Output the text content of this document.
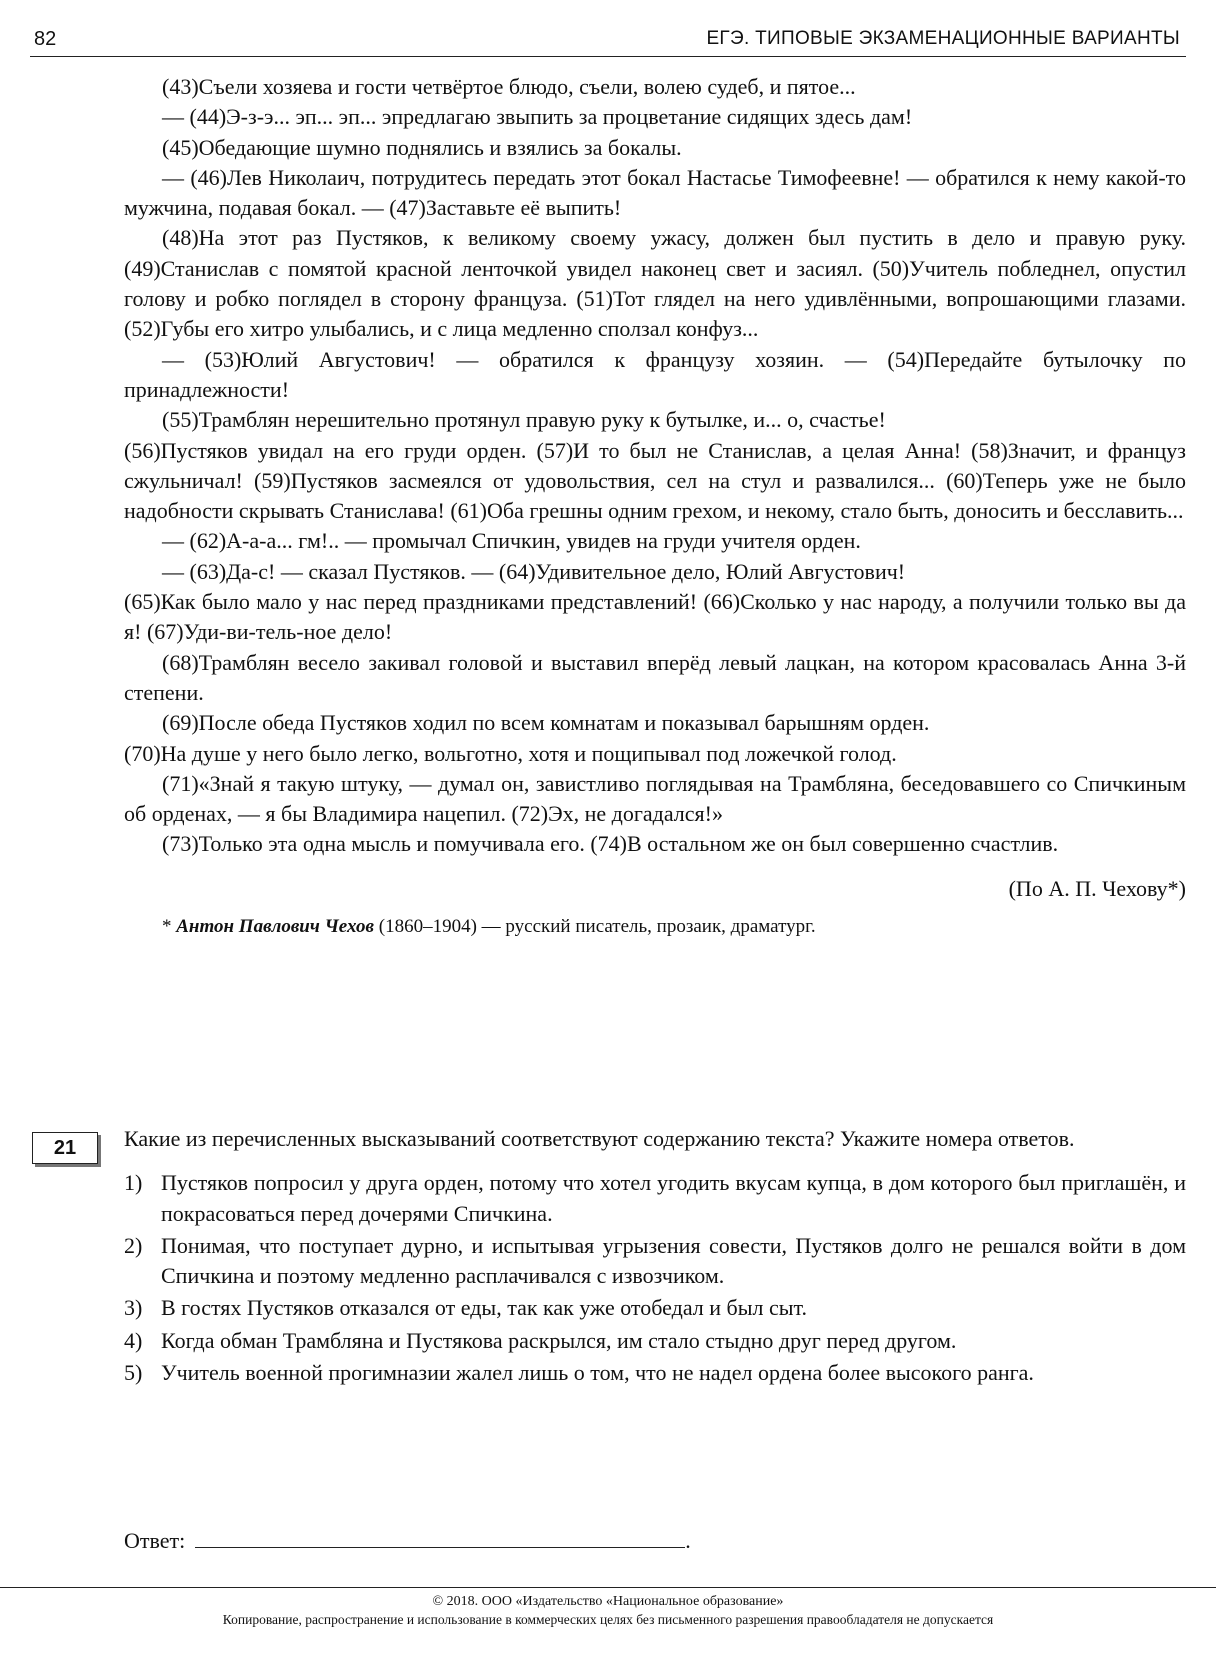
82	ЕГЭ. ТИПОВЫЕ ЭКЗАМЕНАЦИОННЫЕ ВАРИАНТЫ

(43)Съели хозяева и гости четвёртое блюдо, съели, волею судеб, и пятое...

— (44)Э-з-э... эп... эп... эпредлагаю звыпить за процветание сидящих здесь дам!

(45)Обедающие шумно поднялись и взялись за бокалы.

— (46)Лев Николаич, потрудитесь передать этот бокал Настасье Тимофеевне! — обратился к нему какой-то мужчина, подавая бокал. — (47)Заставьте её выпить!

(48)На этот раз Пустяков, к великому своему ужасу, должен был пустить в дело и правую руку. (49)Станислав с помятой красной ленточкой увидел наконец свет и засиял. (50)Учитель побледнел, опустил голову и робко поглядел в сторону француза. (51)Тот глядел на него удивлёнными, вопрошающими глазами. (52)Губы его хитро улыбались, и с лица медленно сползал конфуз...

— (53)Юлий Августович! — обратился к французу хозяин. — (54)Передайте бутылочку по принадлежности!

(55)Трамблян нерешительно протянул правую руку к бутылке, и... о, счастье!

(56)Пустяков увидал на его груди орден. (57)И то был не Станислав, а целая Анна! (58)Значит, и француз сжульничал! (59)Пустяков засмеялся от удовольствия, сел на стул и развалился... (60)Теперь уже не было надобности скрывать Станислава! (61)Оба грешны одним грехом, и некому, стало быть, доносить и бесславить...

— (62)А-а-а... гм!.. — промычал Спичкин, увидев на груди учителя орден.

— (63)Да-с! — сказал Пустяков. — (64)Удивительное дело, Юлий Августович!

(65)Как было мало у нас перед праздниками представлений! (66)Сколько у нас народу, а получили только вы да я! (67)Уди-ви-тель-ное дело!

(68)Трамблян весело закивал головой и выставил вперёд левый лацкан, на котором красовалась Анна 3-й степени.

(69)После обеда Пустяков ходил по всем комнатам и показывал барышням орден.

(70)На душе у него было легко, вольготно, хотя и пощипывал под ложечкой голод.

(71)«Знай я такую штуку, — думал он, завистливо поглядывая на Трамбляна, беседовавшего со Спичкиным об орденах, — я бы Владимира нацепил. (72)Эх, не догадался!»

(73)Только эта одна мысль и помучивала его. (74)В остальном же он был совершенно счастлив.

(По А. П. Чехову*)
* Антон Павлович Чехов (1860–1904) — русский писатель, прозаик, драматург.
21	Какие из перечисленных высказываний соответствуют содержанию текста? Укажите номера ответов.

1) Пустяков попросил у друга орден, потому что хотел угодить вкусам купца, в дом которого был приглашён, и покрасоваться перед дочерями Спичкина.
2) Понимая, что поступает дурно, и испытывая угрызения совести, Пустяков долго не решался войти в дом Спичкина и поэтому медленно расплачивался с извозчиком.
3) В гостях Пустяков отказался от еды, так как уже отобедал и был сыт.
4) Когда обман Трамбляна и Пустякова раскрылся, им стало стыдно друг перед другом.
5) Учитель военной прогимназии жалел лишь о том, что не надел ордена более высокого ранга.
Ответ:	.
© 2018. ООО «Издательство «Национальное образование»
Копирование, распространение и использование в коммерческих целях без письменного разрешения правообладателя не допускается
